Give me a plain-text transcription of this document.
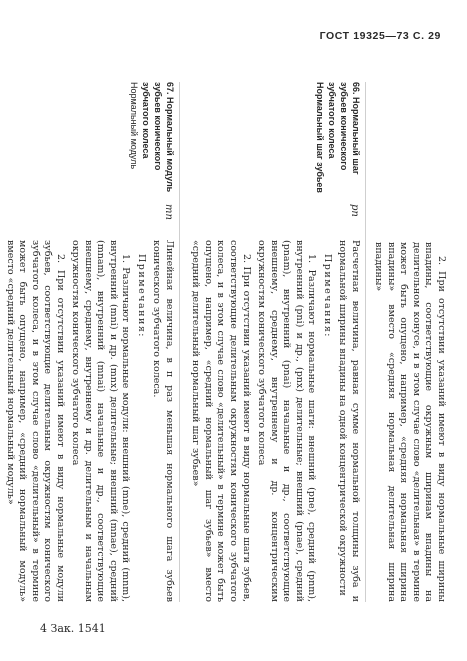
ГОСТ 19325—73 С. 29

2. При отсутствии указаний имеют в виду нормальные ширины впадины, соответствующие окружным ширинам впадины на делительном конусе, и в этом случае слово «делительная» в термине может быть опущено, например, «средняя нормальная ширина впадины» вместо «средняя нормальная делительная ширина впадины»

66. Нормальный шаг зубьев конического зубчатого колеса Нормальный шаг зубьев
pn

Расчетная величина, равная сумме нормальной толщины зуба и нормальной ширины впадины на одной концентрической окружности

Примечания:

1. Различают нормальные шаги: внешний (pne), средний (pnm), внутренний (pni) и др., (pnx) делительные; внешний (pnae), средний (pnam), внутренний (pnai) начальные и др., соответствующие внешнему, среднему, внутреннему и др. концентрическим окружностям конического зубчатого колеса

2. При отсутствии указаний имеют в виду нормальные шаги зубьев, соответствующие делительным окружностям конического зубчатого колеса, и в этом случае слово «делительный» в термине может быть опущено, например, «средний нормальный шаг зубьев» вместо «средний делительный нормальный шаг зубьев»

67. Нормальный модуль зубьев конического зубчатого колеса
Нормальный модуль
mn

Линейная величина, в π раз меньшая нормального шага зубьев конического зубчатого колеса.

Примечания:

1. Различают нормальные модули: внешний (mne), средний (mnm), внутренний (mni) и др. (mnx) делительные; внешний (mnae), средний (mnam), внутренний (mnai) начальные и др., соответствующие внешнему, среднему, внутреннему и др. делительным и начальным окружностям конического зубчатого колеса

2. При отсутствии указаний имеют в виду нормальные модули зубьев, соответствующие делительным окружностям конического зубчатого колеса, и в этом случае слово «делительный» в термине может быть опущено, например, «средний нормальный модуль» вместо «средний делительный нормальный модуль»

4 Зак. 1541
